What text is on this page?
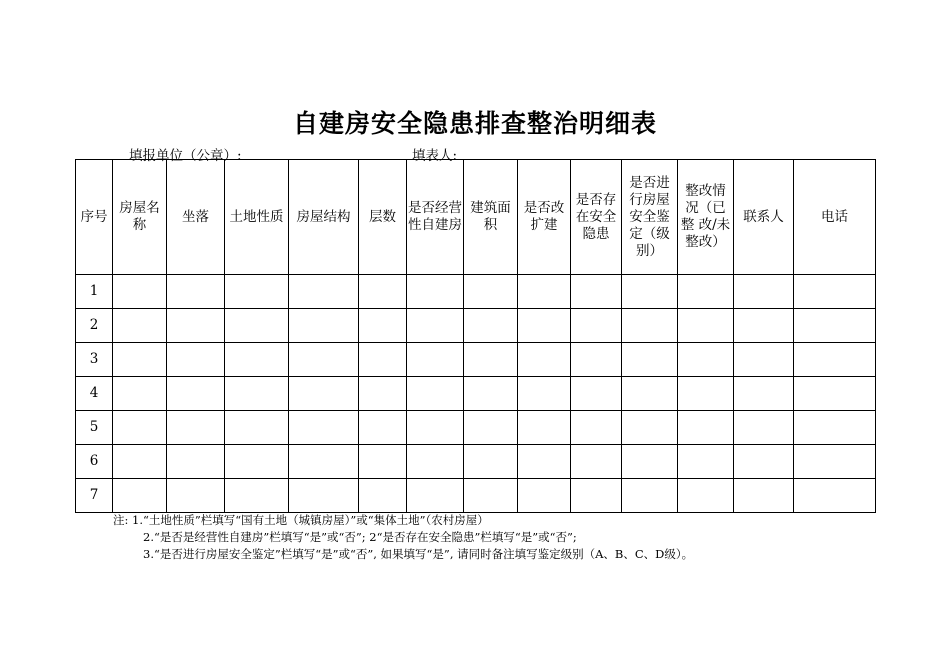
自建房安全隐患排查整治明细表
填报单位（公章）:	填表人:
序号	房屋名称	坐落	土地性质	房屋结构	层数	是否经营性自建房	建筑面积	是否改扩建	是否存在安全隐患	是否进行房屋安全鉴定（级别）	整改情况（已整 改/未整改）	联系人	电话
1													
2													
3													
4													
5													
6													
7													
注: 1.“土地性质”栏填写“国有土地（城镇房屋）”或“集体土地”（农村房屋）
2.“是否是经营性自建房”栏填写“是”或“否”; 2“是否存在安全隐患”栏填写“是”或“否”;
3.“是否进行房屋安全鉴定”栏填写“是”或“否”, 如果填写“是”, 请同时备注填写鉴定级别（A、B、C、D级）。
